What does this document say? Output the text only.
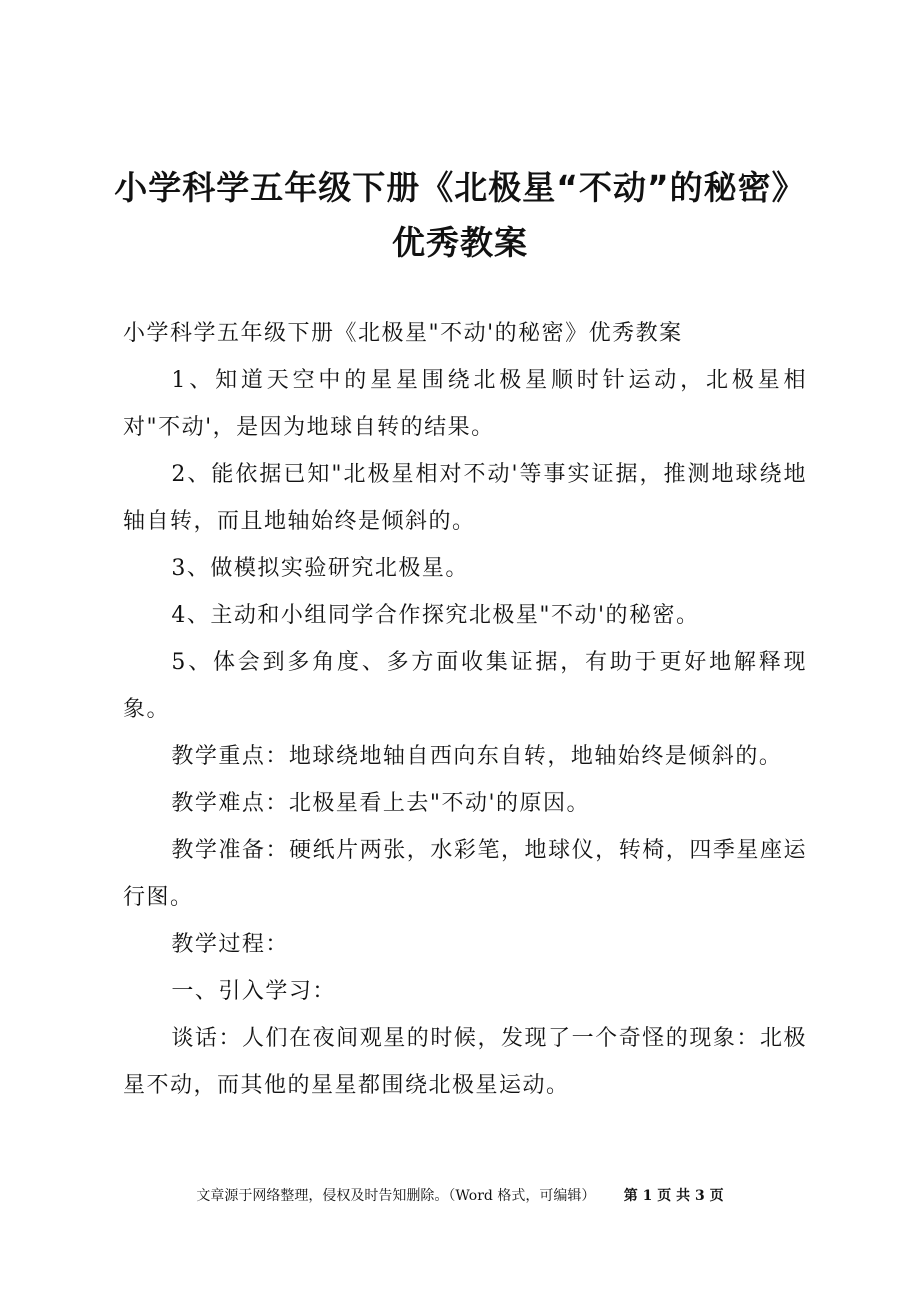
小学科学五年级下册《北极星“不动”的秘密》
优秀教案

小学科学五年级下册《北极星"不动'的秘密》优秀教案

1、知道天空中的星星围绕北极星顺时针运动，北极星相对"不动'，是因为地球自转的结果。

2、能依据已知"北极星相对不动'等事实证据，推测地球绕地轴自转，而且地轴始终是倾斜的。

3、做模拟实验研究北极星。

4、主动和小组同学合作探究北极星"不动'的秘密。

5、体会到多角度、多方面收集证据，有助于更好地解释现象。

教学重点：地球绕地轴自西向东自转，地轴始终是倾斜的。

教学难点：北极星看上去"不动'的原因。

教学准备：硬纸片两张，水彩笔，地球仪，转椅，四季星座运行图。

教学过程：

一、引入学习：

谈话：人们在夜间观星的时候，发现了一个奇怪的现象：北极星不动，而其他的星星都围绕北极星运动。

文章源于网络整理，侵权及时告知删除。（Word 格式，可编辑） 第 1 页 共 3 页
